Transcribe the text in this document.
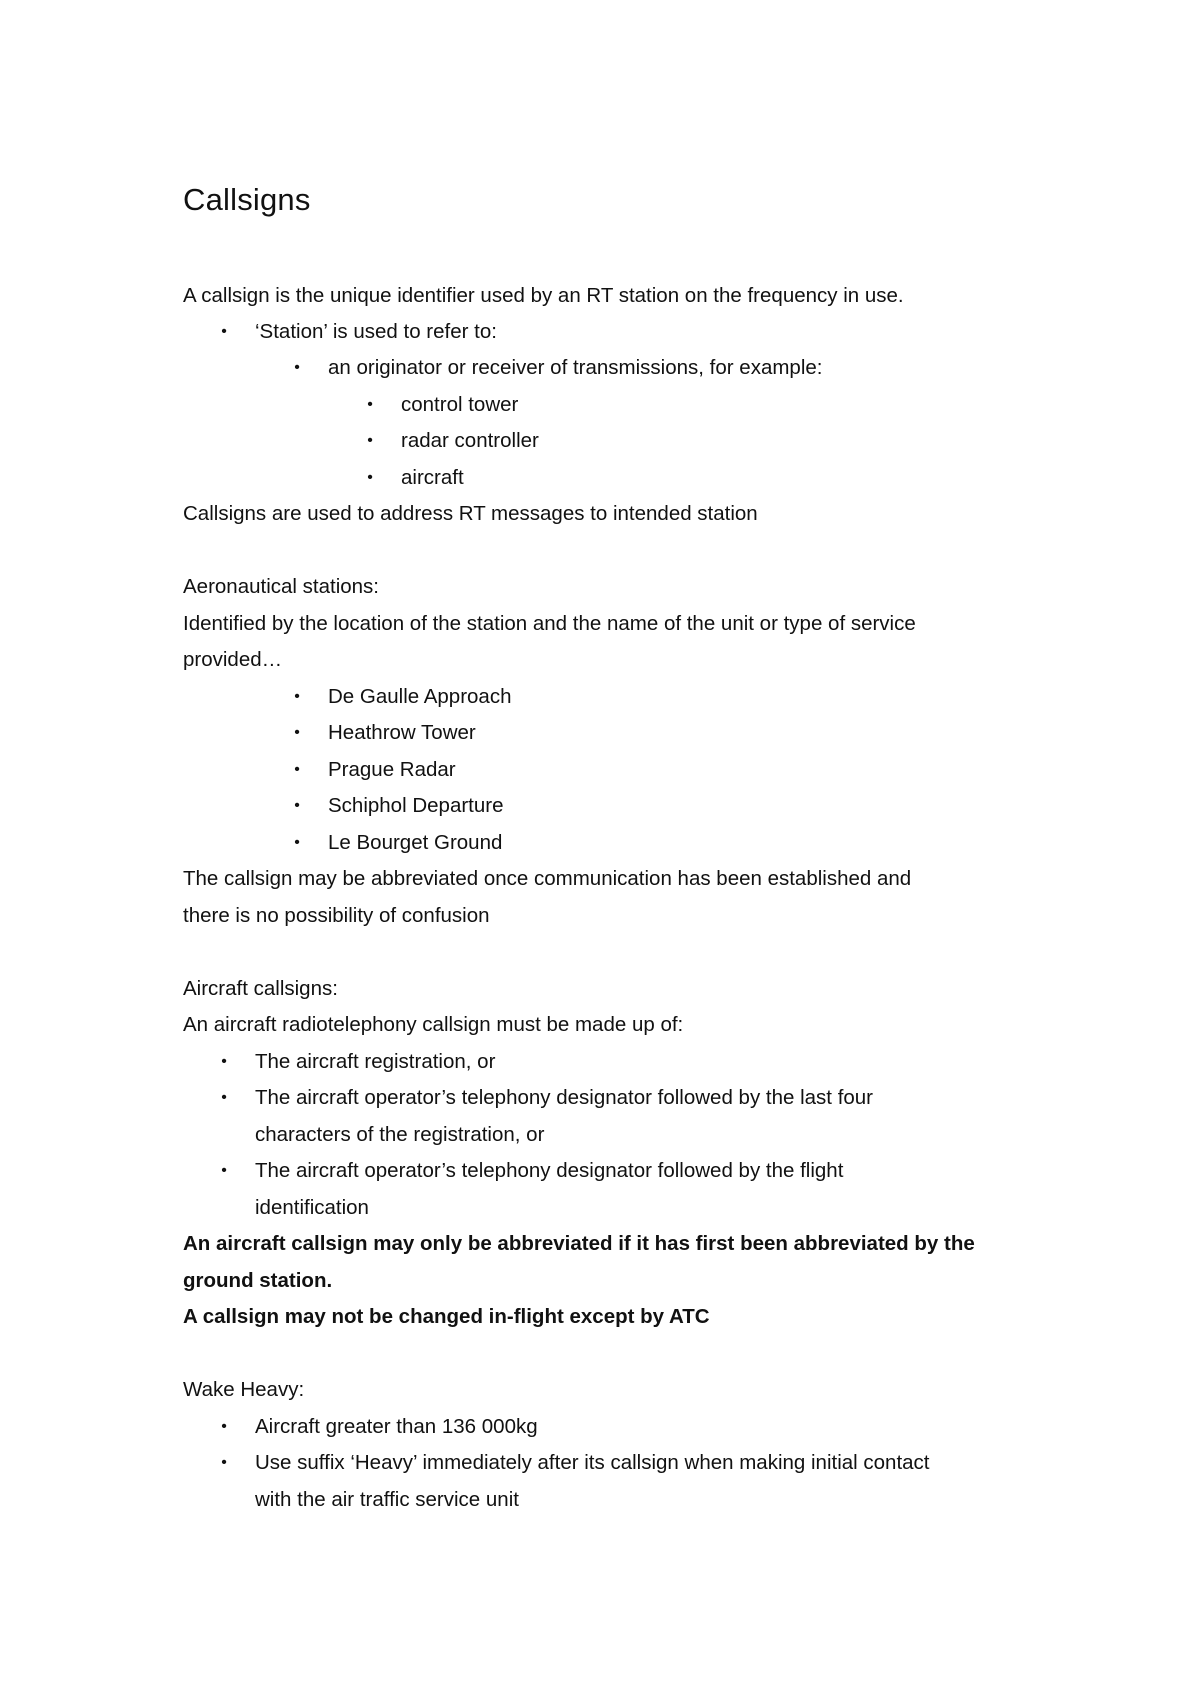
Callsigns

A callsign is the unique identifier used by an RT station on the frequency in use.

• ‘Station’ is used to refer to:

• an originator or receiver of transmissions, for example:

• control tower

• radar controller

• aircraft

Callsigns are used to address RT messages to intended station

Aeronautical stations:

Identified by the location of the station and the name of the unit or type of service

provided…

• De Gaulle Approach

• Heathrow Tower

• Prague Radar

• Schiphol Departure

• Le Bourget Ground

The callsign may be abbreviated once communication has been established and

there is no possibility of confusion

Aircraft callsigns:

An aircraft radiotelephony callsign must be made up of:

• The aircraft registration, or

• The aircraft operator’s telephony designator followed by the last four

characters of the registration, or

• The aircraft operator’s telephony designator followed by the flight

identification

An aircraft callsign may only be abbreviated if it has first been abbreviated by the

ground station.

A callsign may not be changed in-flight except by ATC

Wake Heavy:

• Aircraft greater than 136 000kg

• Use suffix ‘Heavy’ immediately after its callsign when making initial contact

with the air traffic service unit
